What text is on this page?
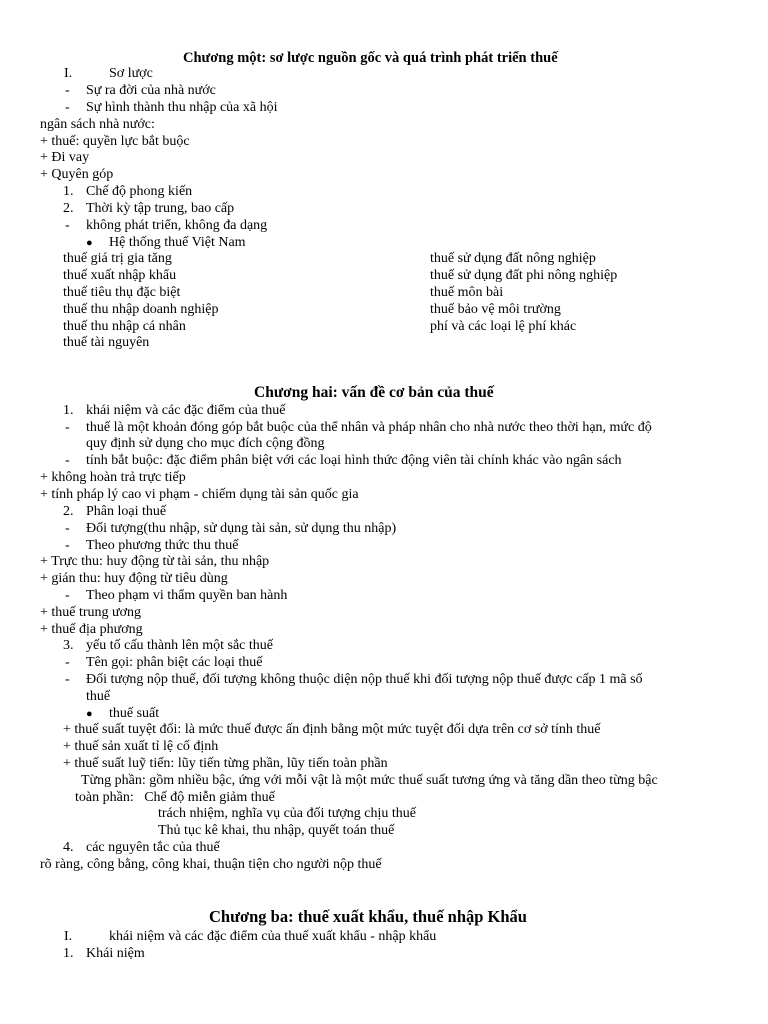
Chương một: sơ lược nguồn gốc và quá trình phát triển thuế
I.	Sơ lược
- Sự ra đời của nhà nước
- Sự hình thành thu nhập của xã hội
ngân sách nhà nước:
+ thuế: quyền lực bắt buộc
+ Đi vay
+ Quyên góp
1. Chế độ phong kiến
2. Thời kỳ tập trung, bao cấp
- không phát triển, không đa dạng
● Hệ thống thuế Việt Nam
thuế giá trị gia tăng
thuế xuất nhập khẩu
thuế tiêu thụ đặc biệt
thuế thu nhập doanh nghiệp
thuế thu nhập cá nhân
thuế tài nguyên
thuế sử dụng đất nông nghiệp
thuế sử dụng đất phi nông nghiệp
thuế môn bài
thuế bảo vệ môi trường
phí và các loại lệ phí khác
Chương hai: vấn đề cơ bản của thuế
1. khái niệm và các đặc điểm của thuế
- thuế là một khoản đóng góp bắt buộc của thể nhân và pháp nhân cho nhà nước theo thời hạn, mức độ
quy định sử dụng cho mục đích cộng đồng
- tính bắt buộc: đặc điểm phân biệt với các loại hình thức động viên tài chính khác vào ngân sách
+ không hoàn trả trực tiếp
+ tính pháp lý cao vi phạm - chiếm dụng tài sản quốc gia
2. Phân loại thuế
- Đối tượng(thu nhập, sử dụng tài sản, sử dụng thu nhập)
- Theo phương thức thu thuế
+ Trực thu: huy động từ tài sản, thu nhập
+ gián thu: huy động từ tiêu dùng
- Theo phạm vi thẩm quyền ban hành
+ thuế trung ương
+ thuế địa phương
3. yếu tố cấu thành lên một sắc thuế
- Tên gọi: phân biệt các loại thuế
- Đối tượng nộp thuế, đối tượng không thuộc diện nộp thuế khi đối tượng nộp thuế được cấp 1 mã số
thuế
● thuế suất
+ thuế suất tuyệt đối: là mức thuế được ấn định bằng một mức tuyệt đối dựa trên cơ sở tính thuế
+ thuế sản xuất tỉ lệ cố định
+ thuế suất luỹ tiến: lũy tiến từng phần, lũy tiến toàn phần
Từng phần: gồm nhiều bậc, ứng với mỗi vật là một mức thuế suất tương ứng và tăng dần theo từng bậc
toàn phần:   Chế độ miễn giảm thuế
trách nhiệm, nghĩa vụ của đối tượng chịu thuế
Thủ tục kê khai, thu nhập, quyết toán thuế
4. các nguyên tắc của thuế
rõ ràng, công bằng, công khai, thuận tiện cho người nộp thuế
Chương ba: thuế xuất khẩu, thuế nhập Khẩu
I.	khái niệm và các đặc điểm của thuế xuất khẩu - nhập khẩu
1. Khái niệm
